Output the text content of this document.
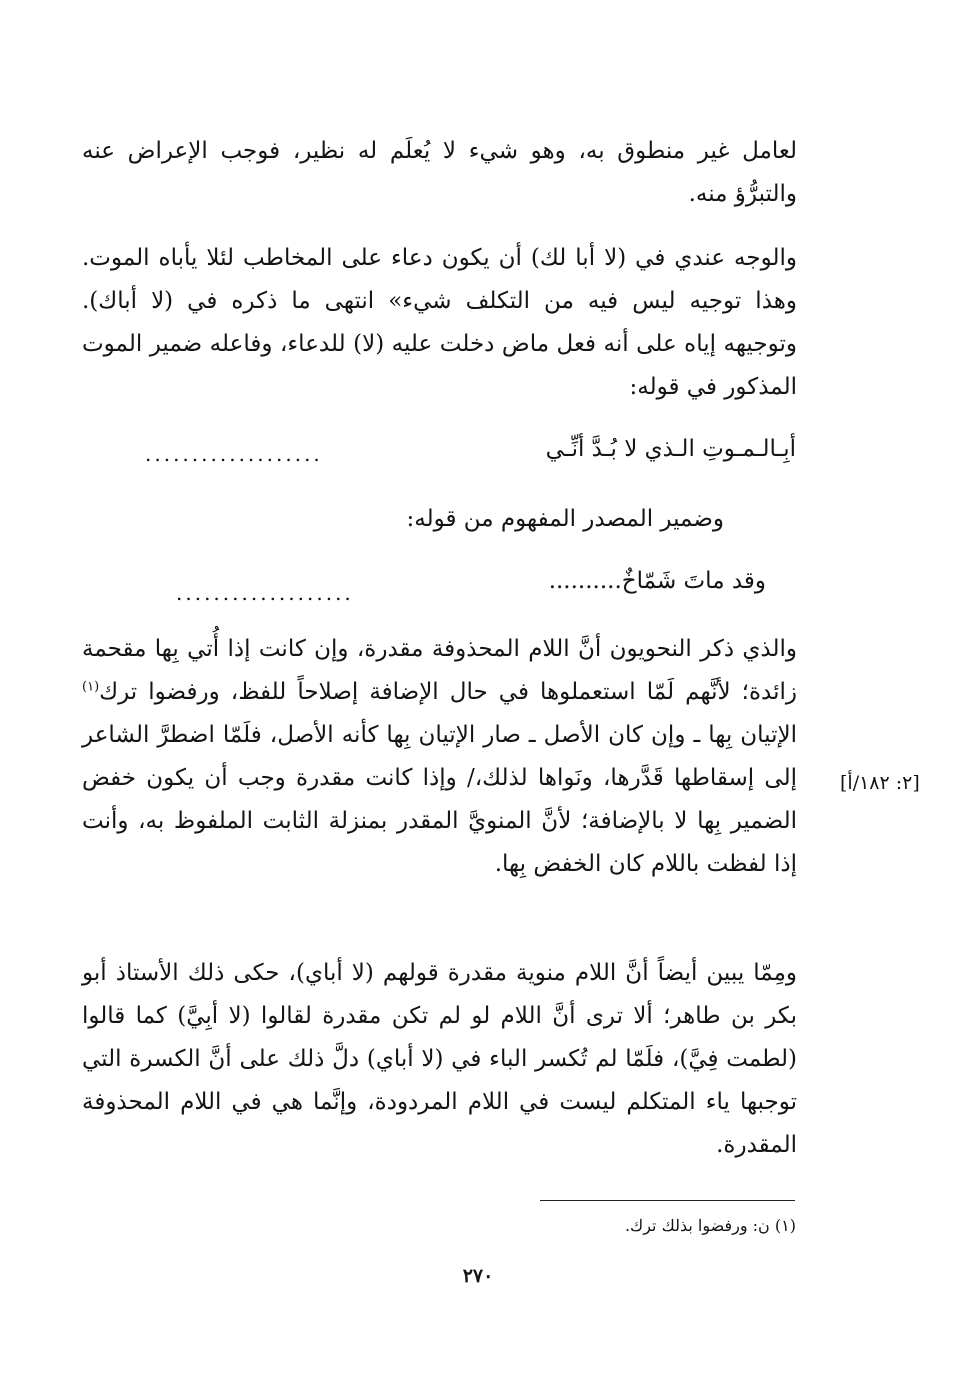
لعامل غير منطوق به، وهو شيء لا يُعلَم له نظير، فوجب الإعراض عنه والتبرُّؤ منه.
والوجه عندي في (لا أبا لك) أن يكون دعاء على المخاطب لئلا يأباه الموت. وهذا توجيه ليس فيه من التكلف شيء» انتهى ما ذكره في (لا أباك). وتوجيهه إياه على أنه فعل ماض دخلت عليه (لا) للدعاء، وفاعله ضمير الموت المذكور في قوله:
أبِـالـمـوتِ الـذي لا بُـدَّ أنِّـي
...................
وضمير المصدر المفهوم من قوله:
وقد ماتَ شَمّاخٌ..........
...................
والذي ذكر النحويون أنَّ اللام المحذوفة مقدرة، وإن كانت إذا أُتي بِها مقحمة زائدة؛ لأنَّهم لَمّا استعملوها في حال الإضافة إصلاحاً للفظ، ورفضوا ترك$^{(١)}$ الإتيان بِها ـ وإن كان الأصل ـ صار الإتيان بِها كأنه الأصل، فلَمّا اضطرَّ الشاعر إلى إسقاطها قَدَّرها، ونَواها لذلك،/ وإذا كانت مقدرة وجب أن يكون خفض الضمير بِها لا بالإضافة؛ لأنَّ المنويَّ المقدر بمنزلة الثابت الملفوظ به، وأنت إذا لفظت باللام كان الخفض بِها.
[٢: ١٨٢/أ]
ومِمّا يبين أيضاً أنَّ اللام منوية مقدرة قولهم (لا أباي)، حكى ذلك الأستاذ أبو بكر بن طاهر؛ ألا ترى أنَّ اللام لو لم تكن مقدرة لقالوا (لا أبِيَّ) كما قالوا (لطمت فِيَّ)، فلَمّا لم تُكسر الباء في (لا أباي) دلَّ ذلك على أنَّ الكسرة التي توجبها ياء المتكلم ليست في اللام المردودة، وإنَّما هي في اللام المحذوفة المقدرة.
(١) ن: ورفضوا بذلك ترك.
٢٧٠
